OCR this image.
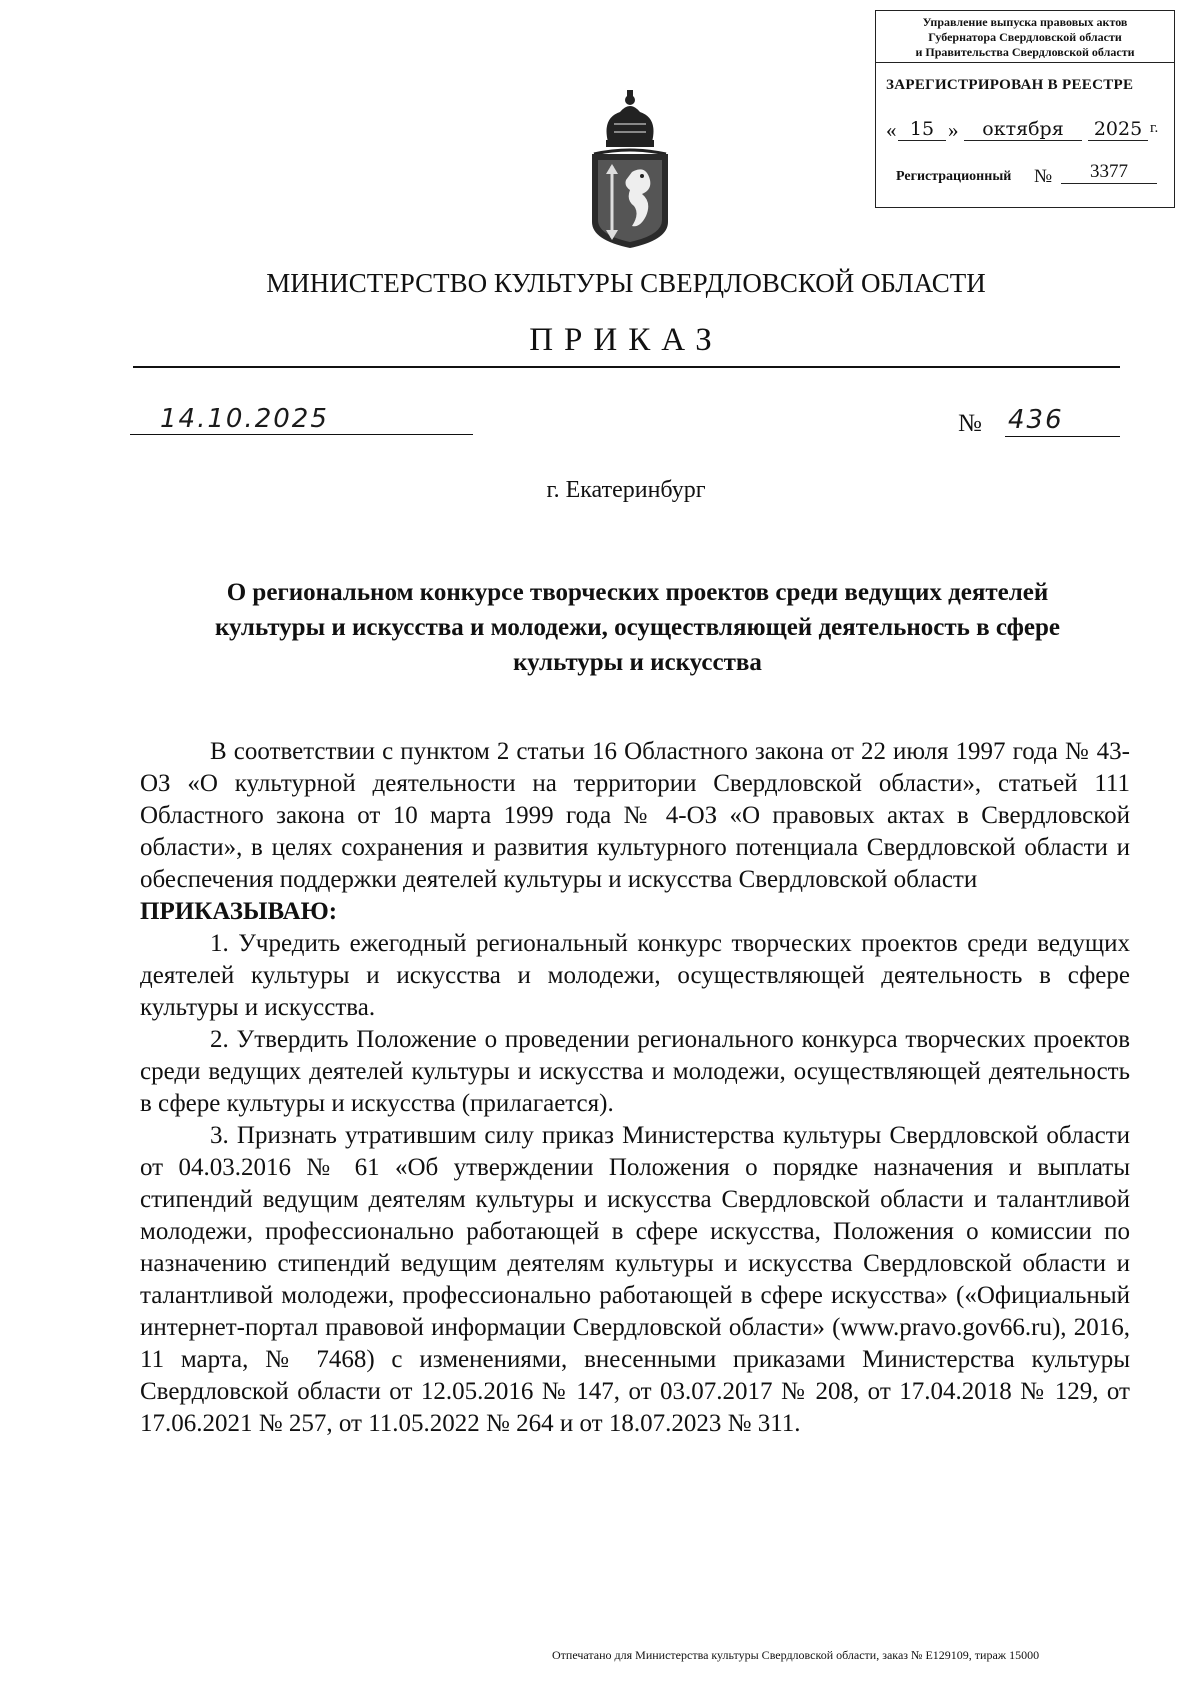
Управление выпуска правовых актов
Губернатора Свердловской области
и Правительства Свердловской области
ЗАРЕГИСТРИРОВАН В РЕЕСТРЕ
« 15 »	октября	2025 г.
Регистрационный №	3377
МИНИСТЕРСТВО КУЛЬТУРЫ СВЕРДЛОВСКОЙ ОБЛАСТИ
ПРИКАЗ
14.10.2025	№ 436
г. Екатеринбург
О региональном конкурсе творческих проектов среди ведущих деятелей
культуры и искусства и молодежи, осуществляющей деятельность в сфере
культуры и искусства

В соответствии с пунктом 2 статьи 16 Областного закона от 22 июля 1997 года № 43-ОЗ «О культурной деятельности на территории Свердловской области», статьей 111 Областного закона от 10 марта 1999 года № 4-ОЗ «О правовых актах в Свердловской области», в целях сохранения и развития культурного потенциала Свердловской области и обеспечения поддержки деятелей культуры и искусства Свердловской области

ПРИКАЗЫВАЮ:

1. Учредить ежегодный региональный конкурс творческих проектов среди ведущих деятелей культуры и искусства и молодежи, осуществляющей деятельность в сфере культуры и искусства.

2. Утвердить Положение о проведении регионального конкурса творческих проектов среди ведущих деятелей культуры и искусства и молодежи, осуществляющей деятельность в сфере культуры и искусства (прилагается).

3. Признать утратившим силу приказ Министерства культуры Свердловской области от 04.03.2016 № 61 «Об утверждении Положения о порядке назначения и выплаты стипендий ведущим деятелям культуры и искусства Свердловской области и талантливой молодежи, профессионально работающей в сфере искусства, Положения о комиссии по назначению стипендий ведущим деятелям культуры и искусства Свердловской области и талантливой молодежи, профессионально работающей в сфере искусства» («Официальный интернет-портал правовой информации Свердловской области» (www.pravo.gov66.ru), 2016, 11 марта, № 7468) с изменениями, внесенными приказами Министерства культуры Свердловской области от 12.05.2016 № 147, от 03.07.2017 № 208, от 17.04.2018 № 129, от 17.06.2021 № 257, от 11.05.2022 № 264 и от 18.07.2023 № 311.

Отпечатано для Министерства культуры Свердловской области, заказ № Е129109, тираж 15000
